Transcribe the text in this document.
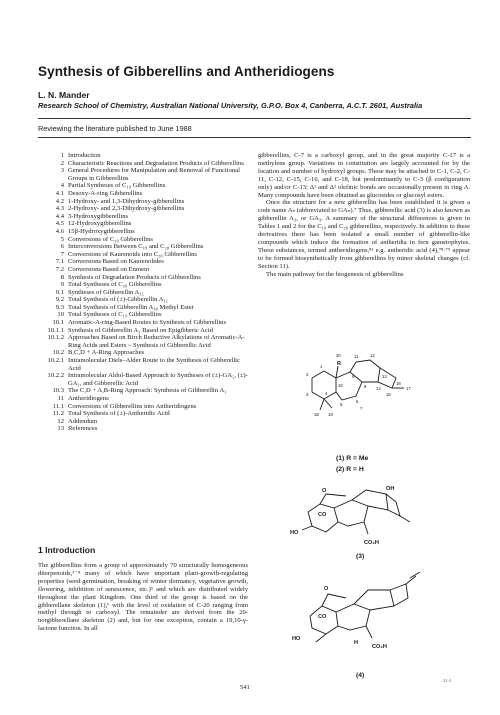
Synthesis of Gibberellins and Antheridiogens
L. N. Mander
Research School of Chemistry, Australian National University, G.P.O. Box 4, Canberra, A.C.T. 2601, Australia
Reviewing the literature published to June 1988
1 Introduction
2 Characteristic Reactions and Degradation Products of Gibberellins
3 General Procedures for Manipulation and Removal of Functional Groups in Gibberellins
4 Partial Syntheses of C₁₉ Gibberellins
4.1 Desoxy-A-ring Gibberellins
4.2 1-Hydroxy- and 1,3-Dihydroxy-gibberellins
4.3 2-Hydroxy- and 2,3-Dihydroxy-gibberellins
4.4 3-Hydroxygibberellins
4.5 12-Hydroxygibberellins
4.6 15β-Hydroxygibberellins
5 Conversions of C₂₀ Gibberellins
6 Interconversions Between C₁₉ and C₂₀ Gibberellins
7 Conversions of Kaurenoids into C₂₀ Gibberellins
7.1 Conversions Based on Kaurenolides
7.2 Conversions Based on Enmein
8 Synthesis of Degradation Products of Gibberellins
9 Total Syntheses of C₂₀ Gibberellins
9.1 Syntheses of Gibberellin A₁₅
9.2 Total Synthesis of (±)-Gibberellin A₁₁
9.3 Total Synthesis of Gibberellin A₃₈ Methyl Ester
10 Total Syntheses of C₁₉ Gibberellins
10.1 Aromatic-A-ring-Based Routes to Synthesis of Gibberellins
10.1.1 Synthesis of Gibberellin A₃ Based on Epigibberic Acid
10.1.2 Approaches Based on Birch Reductive Alkylations of Aromatic-A-Ring Acids and Esters – Synthesis of Gibberellic Acid
10.2 B,C,D + A-Ring Approaches
10.2.1 Intramolecular Diels–Alder Route to the Synthesis of Gibberellic Acid
10.2.2 Intramolecular Aldol-Based Approach to Syntheses of (±)-GA₅, (±)-GA₁, and Gibberellic Acid
10.3 The C,D + A,B-Ring Approach: Synthesis of Gibberellin A₁
11 Antheridiogens
11.1 Conversions of Gibberellins into Antheridiogens
11.2 Total Synthesis of (±)-Antheridic Acid
12 Addendum
13 References
1 Introduction
The gibberellins form a group of approximately 70 structurally homogeneous diterpenoids,¹⁻⁴ many of which have important plant-growth-regulating properties (seed germination, breaking of winter dormancy, vegetative growth, flowering, inhibition of senescence, etc.)⁵ and which are distributed widely throughout the plant Kingdom. One third of the group is based on the gibberellane skeleton (1),⁶ with the level of oxidation of C-20 ranging from methyl through to carboxyl. The remainder are derived from the 20-norgibberellane skeleton (2) and, but for one exception, contain a 19,10-γ-lactone function. In all

gibberellins, C-7 is a carboxyl group, and in the great majority C-17 is a methylene group. Variations in constitution are largely accounted for by the location and number of hydroxyl groups. These may be attached to C-1, C-2, C-11, C-12, C-15, C-16, and C-18, but predominantly to C-3 (β configuration only) and/or C-13; Δ¹ and Δ² olefinic bonds are occasionally present in ring A. Many compounds have been obtained as glucosides or glucosyl esters.

Once the structure for a new gibberellin has been established it is given a code name Aₙ (abbreviated to GAₙ).⁷ Thus, gibberellic acid (3) is also known as gibberellin A₃, or GA₃. A summary of the structural differences is given in Tables 1 and 2 for the C₁₉ and C₂₀ gibberellins, respectively. In addition to these derivatives there has been isolated a small number of gibberellin-like compounds which induce the formation of antheridia in fern gametophytes. These substances, termed antheridiogens,⁸¹ e.g. antheridic acid (4),⁷⁸·⁷⁹ appear to be formed biosynthetically from gibberellins by minor skeletal changes (cf. Section 11).

The main pathway for the biogenesis of gibberellins

20	11	12
2
1
9	13
10	8 14
16
17
3	4
5
6
15
7
19
18
R
(1) R = Me
(2) R = H
OH
HO
CO
CO₂H
O
(3)
HO
CO
CO₂H
O
H
(4)
541
21-2
